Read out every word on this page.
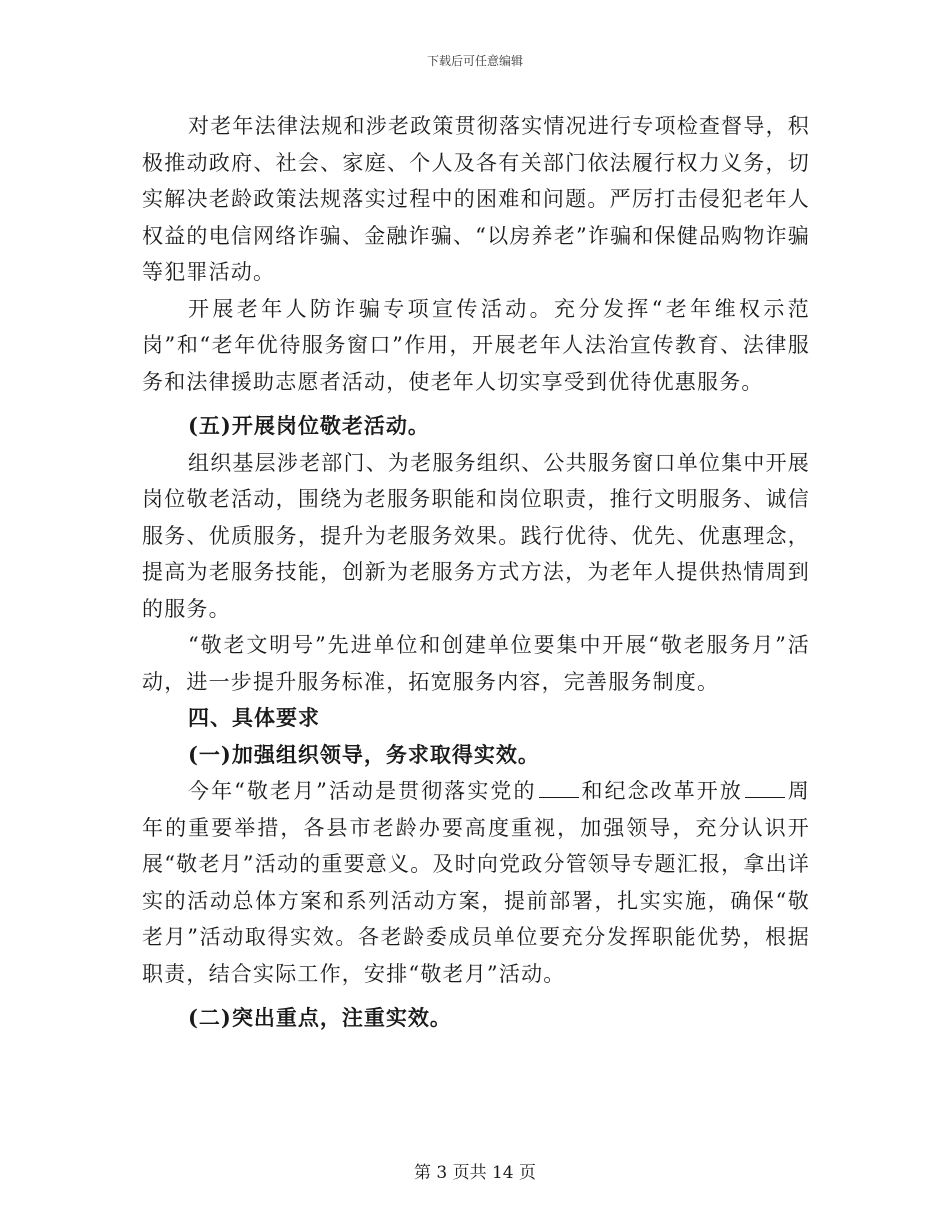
下载后可任意编辑

对老年法律法规和涉老政策贯彻落实情况进行专项检查督导，积极推动政府、社会、家庭、个人及各有关部门依法履行权力义务，切实解决老龄政策法规落实过程中的困难和问题。严厉打击侵犯老年人权益的电信网络诈骗、金融诈骗、“以房养老”诈骗和保健品购物诈骗等犯罪活动。

开展老年人防诈骗专项宣传活动。充分发挥“老年维权示范岗”和“老年优待服务窗口”作用，开展老年人法治宣传教育、法律服务和法律援助志愿者活动，使老年人切实享受到优待优惠服务。

(五)开展岗位敬老活动。

组织基层涉老部门、为老服务组织、公共服务窗口单位集中开展岗位敬老活动，围绕为老服务职能和岗位职责，推行文明服务、诚信服务、优质服务，提升为老服务效果。践行优待、优先、优惠理念，提高为老服务技能，创新为老服务方式方法，为老年人提供热情周到的服务。

“敬老文明号”先进单位和创建单位要集中开展“敬老服务月”活动，进一步提升服务标准，拓宽服务内容，完善服务制度。

四、具体要求

(一)加强组织领导，务求取得实效。

今年“敬老月”活动是贯彻落实党的 和纪念改革开放 周年的重要举措，各县市老龄办要高度重视，加强领导，充分认识开展“敬老月”活动的重要意义。及时向党政分管领导专题汇报，拿出详实的活动总体方案和系列活动方案，提前部署，扎实实施，确保“敬老月”活动取得实效。各老龄委成员单位要充分发挥职能优势，根据职责，结合实际工作，安排“敬老月”活动。

(二)突出重点，注重实效。

第 3 页共 14 页
